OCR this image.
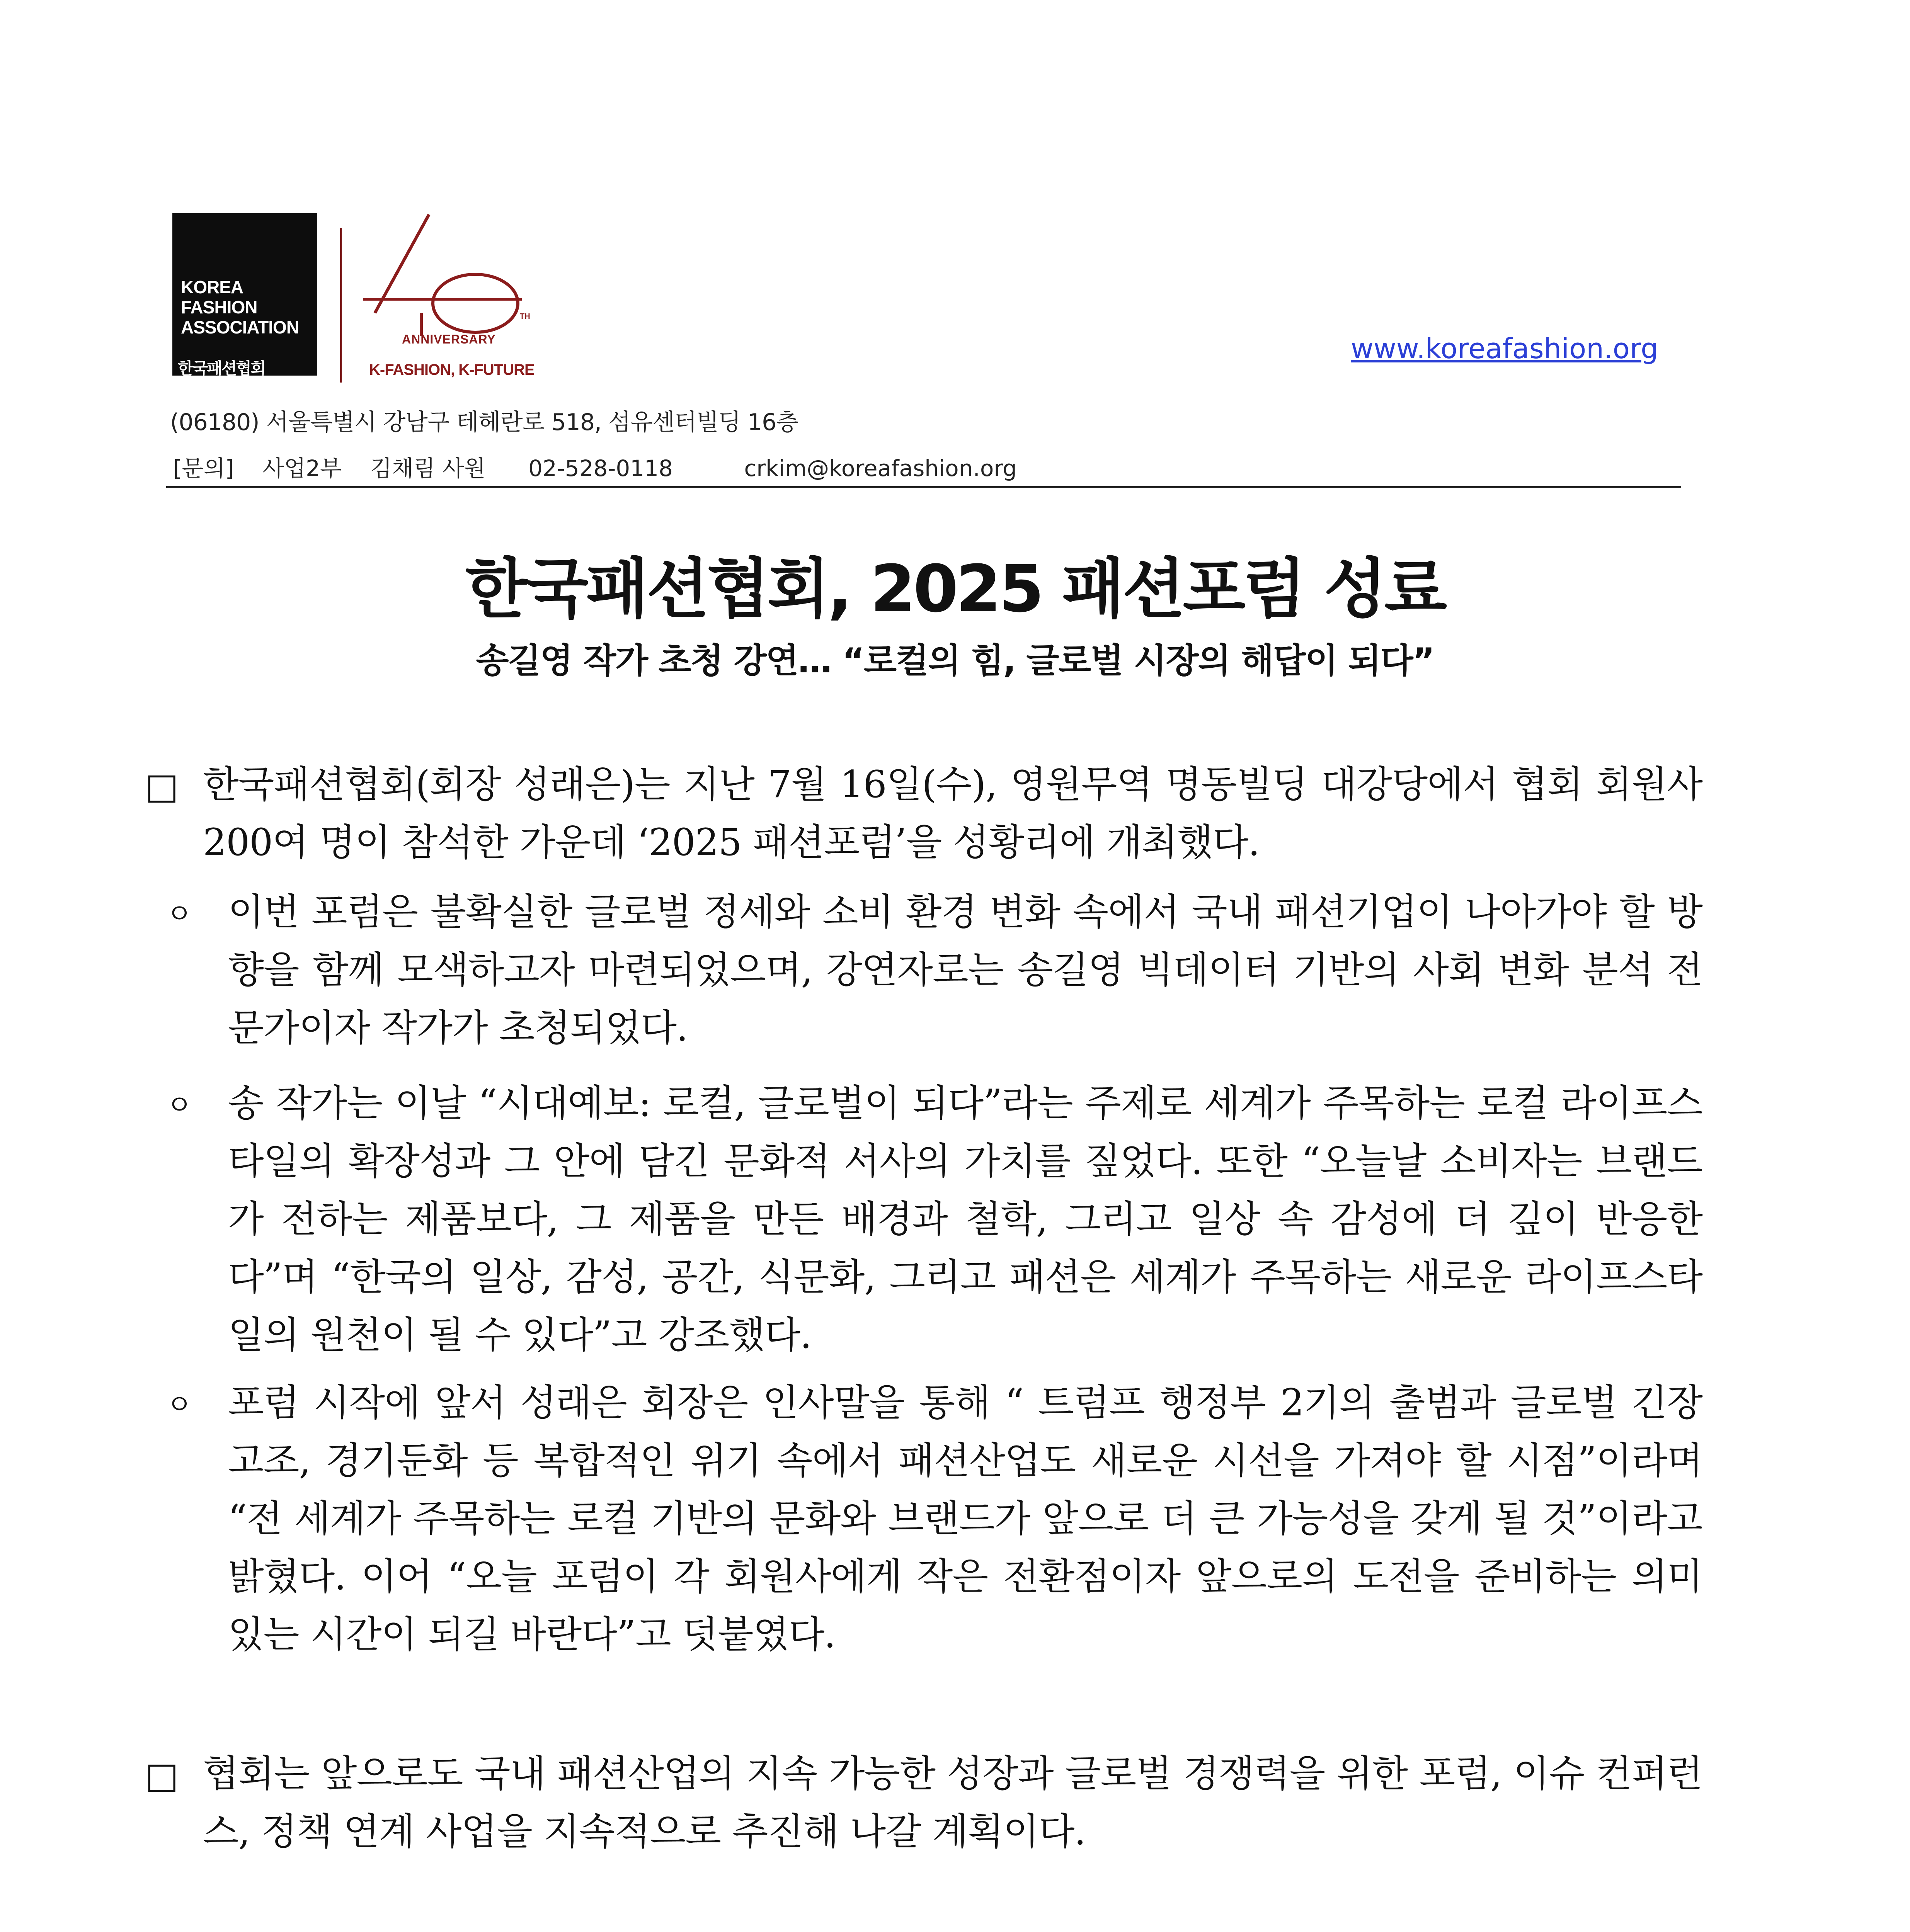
KOREA
FASHION
ASSOCIATION
한국패션협회
TH
ANNIVERSARY
K-FASHION, K-FUTURE
www.koreafashion.org
(06180) 서울특별시 강남구 테헤란로 518, 섬유센터빌딩 16층
[문의] 사업2부 김채림 사원 02-528-0118	crkim@koreafashion.org
한국패션협회, 2025 패션포럼 성료
송길영 작가 초청 강연… “로컬의 힘, 글로벌 시장의 해답이 되다”
□ 한국패션협회(회장 성래은)는 지난 7월 16일(수), 영원무역 명동빌딩 대강당에서 협회 회원사 200여 명이 참석한 가운데 ‘2025 패션포럼’을 성황리에 개최했다.
ㅇ 이번 포럼은 불확실한 글로벌 정세와 소비 환경 변화 속에서 국내 패션기업이 나아가야 할 방향을 함께 모색하고자 마련되었으며, 강연자로는 송길영 빅데이터 기반의 사회 변화 분석 전문가이자 작가가 초청되었다.
ㅇ 송 작가는 이날 “시대예보: 로컬, 글로벌이 되다”라는 주제로 세계가 주목하는 로컬 라이프스타일의 확장성과 그 안에 담긴 문화적 서사의 가치를 짚었다. 또한 “오늘날 소비자는 브랜드가 전하는 제품보다, 그 제품을 만든 배경과 철학, 그리고 일상 속 감성에 더 깊이 반응한다”며 “한국의 일상, 감성, 공간, 식문화, 그리고 패션은 세계가 주목하는 새로운 라이프스타일의 원천이 될 수 있다”고 강조했다.
ㅇ 포럼 시작에 앞서 성래은 회장은 인사말을 통해 “ 트럼프 행정부 2기의 출범과 글로벌 긴장 고조, 경기둔화 등 복합적인 위기 속에서 패션산업도 새로운 시선을 가져야 할 시점”이라며 “전 세계가 주목하는 로컬 기반의 문화와 브랜드가 앞으로 더 큰 가능성을 갖게 될 것”이라고 밝혔다. 이어 “오늘 포럼이 각 회원사에게 작은 전환점이자 앞으로의 도전을 준비하는 의미 있는 시간이 되길 바란다”고 덧붙였다.
□ 협회는 앞으로도 국내 패션산업의 지속 가능한 성장과 글로벌 경쟁력을 위한 포럼, 이슈 컨퍼런스, 정책 연계 사업을 지속적으로 추진해 나갈 계획이다.
